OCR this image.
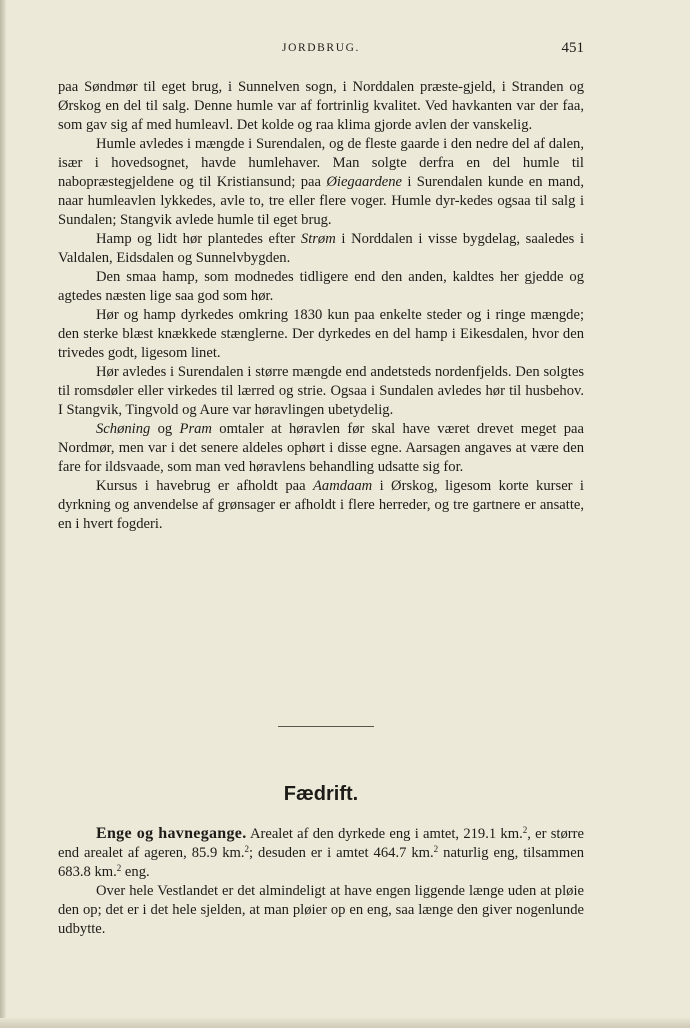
JORDBRUG.	451

paa Søndmør til eget brug, i Sunnelven sogn, i Norddalen præste-gjeld, i Stranden og Ørskog en del til salg. Denne humle var af fortrinlig kvalitet. Ved havkanten var der faa, som gav sig af med humleavl. Det kolde og raa klima gjorde avlen der vanskelig.

Humle avledes i mængde i Surendalen, og de fleste gaarde i den nedre del af dalen, især i hovedsognet, havde humlehaver. Man solgte derfra en del humle til nabopræstegjeldene og til Kristiansund; paa Øiegaardene i Surendalen kunde en mand, naar humleavlen lykkedes, avle to, tre eller flere voger. Humle dyr-kedes ogsaa til salg i Sundalen; Stangvik avlede humle til eget brug.

Hamp og lidt hør plantedes efter Strøm i Norddalen i visse bygdelag, saaledes i Valdalen, Eidsdalen og Sunnelvbygden.

Den smaa hamp, som modnedes tidligere end den anden, kaldtes her gjedde og agtedes næsten lige saa god som hør.

Hør og hamp dyrkedes omkring 1830 kun paa enkelte steder og i ringe mængde; den sterke blæst knækkede stænglerne. Der dyrkedes en del hamp i Eikesdalen, hvor den trivedes godt, ligesom linet.

Hør avledes i Surendalen i større mængde end andetsteds nordenfjelds. Den solgtes til romsdøler eller virkedes til lærred og strie. Ogsaa i Sundalen avledes hør til husbehov. I Stangvik, Tingvold og Aure var høravlingen ubetydelig.

Schøning og Pram omtaler at høravlen før skal have været drevet meget paa Nordmør, men var i det senere aldeles ophørt i disse egne. Aarsagen angaves at være den fare for ildsvaade, som man ved høravlens behandling udsatte sig for.

Kursus i havebrug er afholdt paa Aamdaam i Ørskog, ligesom korte kurser i dyrkning og anvendelse af grønsager er afholdt i flere herreder, og tre gartnere er ansatte, en i hvert fogderi.

Fædrift.

Enge og havnegange. Arealet af den dyrkede eng i amtet, 219.1 km.$^2$, er større end arealet af ageren, 85.9 km.$^2$; desuden er i amtet 464.7 km.$^2$ naturlig eng, tilsammen 683.8 km.$^2$ eng.

Over hele Vestlandet er det almindeligt at have engen liggende længe uden at pløie den op; det er i det hele sjelden, at man pløier op en eng, saa længe den giver nogenlunde udbytte.
